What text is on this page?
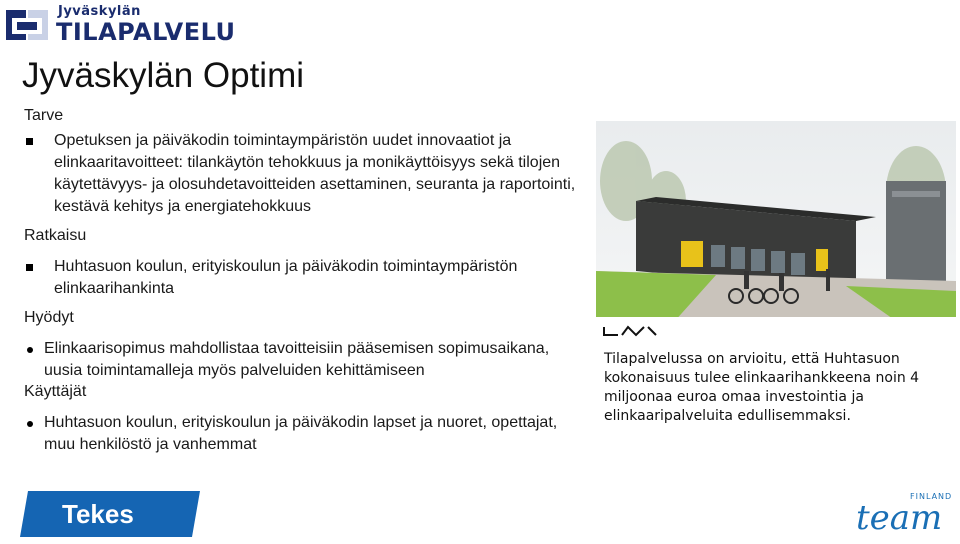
Jyväskylän
TILAPALVELU
Jyväskylän Optimi

Tarve

Opetuksen ja päiväkodin toimintaympäristön uudet innovaatiot ja elinkaaritavoitteet: tilankäytön tehokkuus ja monikäyttöisyys sekä tilojen käytettävyys- ja olosuhdetavoitteiden asettaminen, seuranta ja raportointi, kestävä kehitys ja energiatehokkuus

Ratkaisu

Huhtasuon koulun, erityiskoulun ja päiväkodin toimintaympäristön elinkaarihankinta

Hyödyt

Elinkaarisopimus mahdollistaa tavoitteisiin pääsemisen sopimusaikana, uusia toimintamalleja myös palveluiden kehittämiseen

Käyttäjät

Huhtasuon koulun, erityiskoulun ja päiväkodin lapset ja nuoret, opettajat, muu henkilöstö ja vanhemmat
Tilapalvelussa on arvioitu, että Huhtasuon kokonaisuus tulee elinkaarihankkeena noin 4 miljoonaa euroa omaa investointia ja elinkaaripalveluita edullisemmaksi.
Tekes
FINLAND
team
